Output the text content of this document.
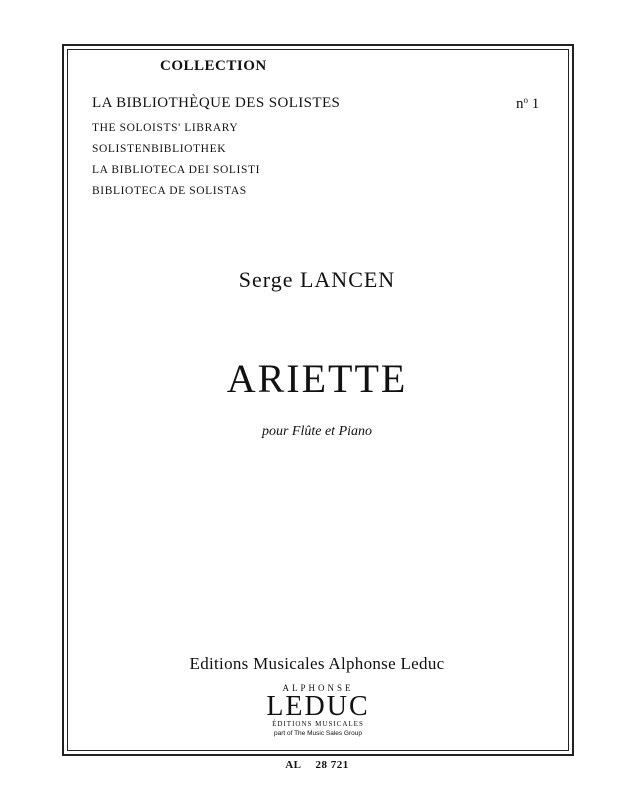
COLLECTION
LA BIBLIOTHÈQUE DES SOLISTES	$n^o$ 1
THE SOLOISTS' LIBRARY
SOLISTENBIBLIOTHEK
LA BIBLIOTECA DEI SOLISTI
BIBLIOTECA DE SOLISTAS
Serge LANCEN
ARIETTE
pour Flûte et Piano
Editions Musicales Alphonse Leduc
ALPHONSE
LEDUC
ÉDITIONS MUSICALES
part of The Music Sales Group
AL 28 721
